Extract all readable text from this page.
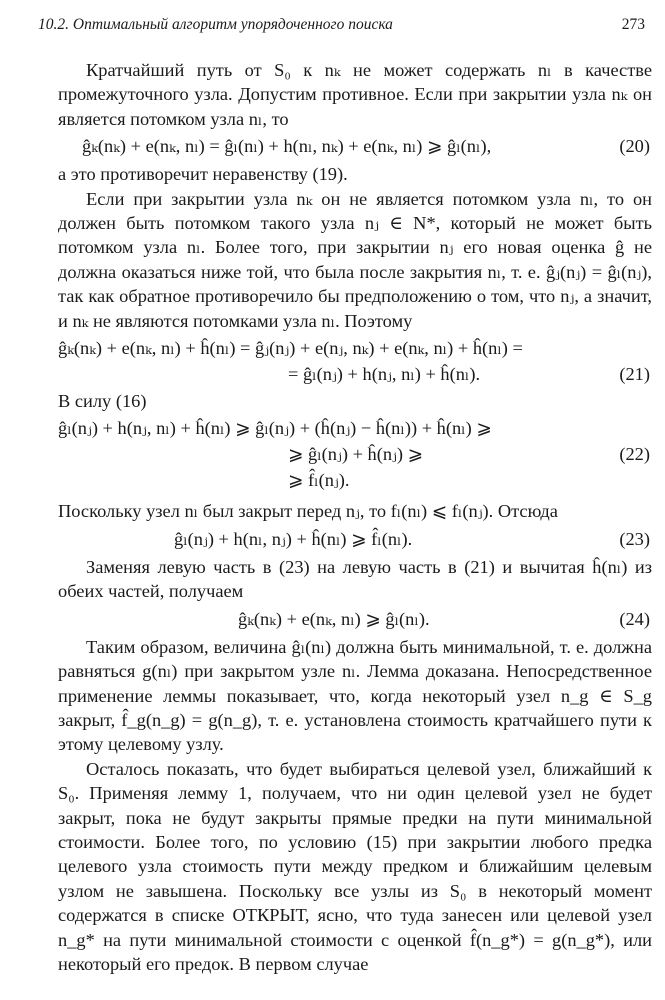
10.2. Оптимальный алгоритм упорядоченного поиска	273

Кратчайший путь от S₀ к nₖ не может содержать nₗ в качестве промежуточного узла. Допустим противное. Если при закрытии узла nₖ он является потомком узла nₗ, то

ĝₖ(nₖ) + e(nₖ, nₗ) = ĝₗ(nₗ) + h(nₗ, nₖ) + e(nₖ, nₗ) ⩾ ĝₗ(nₗ),	(20)

а это противоречит неравенству (19).

Если при закрытии узла nₖ он не является потомком узла nₗ, то он должен быть потомком такого узла nⱼ ∈ N*, который не может быть потомком узла nₗ. Более того, при закрытии nⱼ его новая оценка ĝ не должна оказаться ниже той, что была после закрытия nₗ, т. е. ĝⱼ(nⱼ) = ĝₗ(nⱼ), так как обратное противоречило бы предположению о том, что nⱼ, а значит, и nₖ не являются потомками узла nₗ. Поэтому

ĝₖ(nₖ) + e(nₖ, nₗ) + ĥ(nₗ) = ĝⱼ(nⱼ) + e(nⱼ, nₖ) + e(nₖ, nₗ) + ĥ(nₗ) =
= ĝₗ(nⱼ) + h(nⱼ, nₗ) + ĥ(nₗ).	(21)

В силу (16)

ĝₗ(nⱼ) + h(nⱼ, nₗ) + ĥ(nₗ) ⩾ ĝₗ(nⱼ) + (ĥ(nⱼ) − ĥ(nₗ)) + ĥ(nₗ) ⩾
⩾ ĝₗ(nⱼ) + ĥ(nⱼ) ⩾	(22)
⩾ f̂ₗ(nⱼ).

Поскольку узел nₗ был закрыт перед nⱼ, то fₗ(nₗ) ⩽ fₗ(nⱼ). Отсюда

ĝₗ(nⱼ) + h(nₗ, nⱼ) + ĥ(nₗ) ⩾ f̂ₗ(nₗ).	(23)

Заменяя левую часть в (23) на левую часть в (21) и вычитая ĥ(nₗ) из обеих частей, получаем

ĝₖ(nₖ) + e(nₖ, nₗ) ⩾ ĝₗ(nₗ).	(24)

Таким образом, величина ĝₗ(nₗ) должна быть минимальной, т. е. должна равняться g(nₗ) при закрытом узле nₗ. Лемма доказана. Непосредственное применение леммы показывает, что, когда некоторый узел n_g ∈ S_g закрыт, f̂_g(n_g) = g(n_g), т. е. установлена стоимость кратчайшего пути к этому целевому узлу.

Осталось показать, что будет выбираться целевой узел, ближайший к S₀. Применяя лемму 1, получаем, что ни один целевой узел не будет закрыт, пока не будут закрыты прямые предки на пути минимальной стоимости. Более того, по условию (15) при закрытии любого предка целевого узла стоимость пути между предком и ближайшим целевым узлом не завышена. Поскольку все узлы из S₀ в некоторый момент содержатся в списке ОТКРЫТ, ясно, что туда занесен или целевой узел n_g* на пути минимальной стоимости с оценкой f̂(n_g*) = g(n_g*), или некоторый его предок. В первом случае
